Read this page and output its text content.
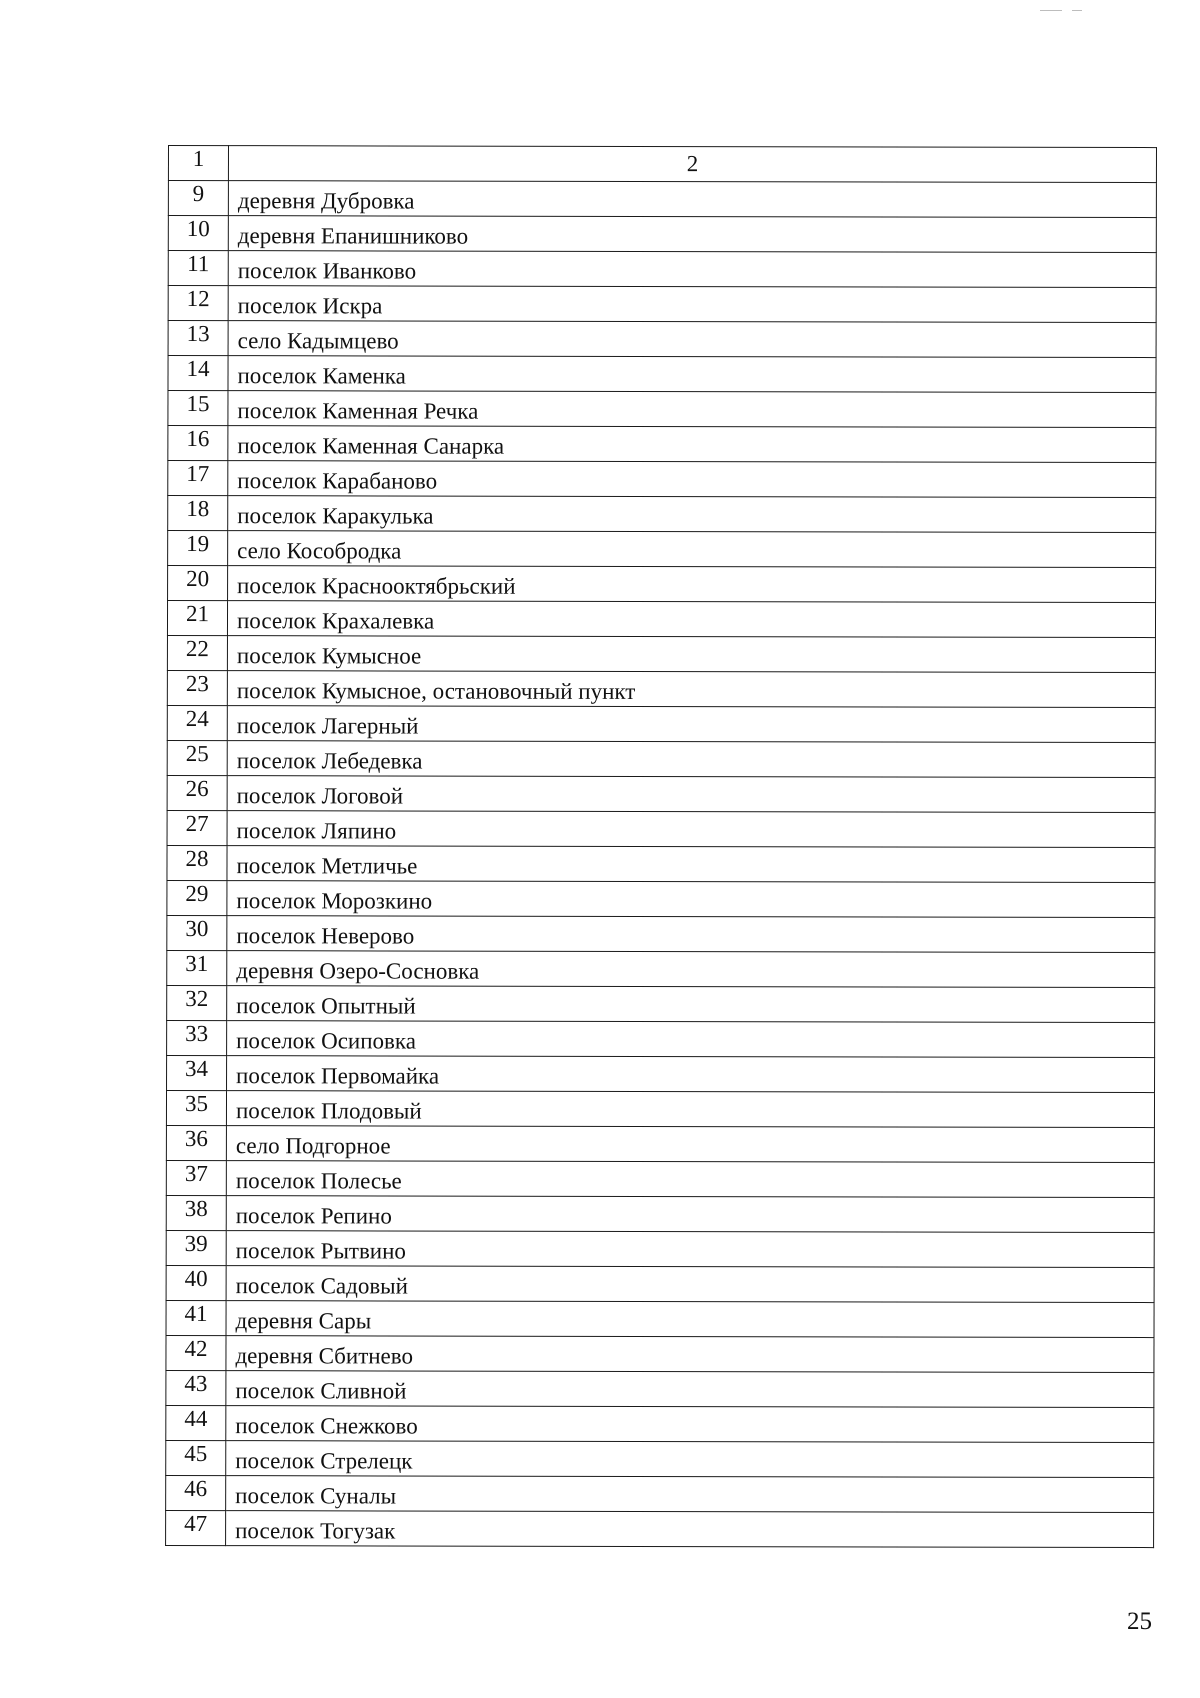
1	2
9	деревня Дубровка
10	деревня Епанишниково
11	поселок Иванково
12	поселок Искра
13	село Кадымцево
14	поселок Каменка
15	поселок Каменная Речка
16	поселок Каменная Санарка
17	поселок Карабаново
18	поселок Каракулька
19	село Кособродка
20	поселок Краснооктябрьский
21	поселок Крахалевка
22	поселок Кумысное
23	поселок Кумысное, остановочный пункт
24	поселок Лагерный
25	поселок Лебедевка
26	поселок Логовой
27	поселок Ляпино
28	поселок Метличье
29	поселок Морозкино
30	поселок Неверово
31	деревня Озеро-Сосновка
32	поселок Опытный
33	поселок Осиповка
34	поселок Первомайка
35	поселок Плодовый
36	село Подгорное
37	поселок Полесье
38	поселок Репино
39	поселок Рытвино
40	поселок Садовый
41	деревня Сары
42	деревня Сбитнево
43	поселок Сливной
44	поселок Снежково
45	поселок Стрелецк
46	поселок Суналы
47	поселок Тогузак
25
